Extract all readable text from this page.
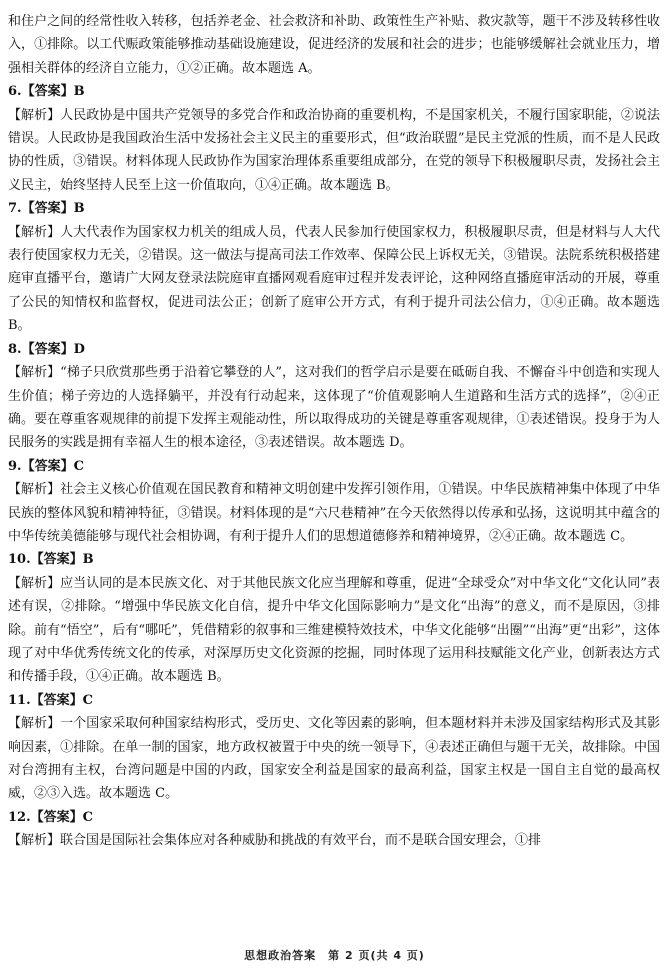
和住户之间的经常性收入转移，包括养老金、社会救济和补助、政策性生产补贴、救灾款等，题干不涉及转移性收入，①排除。以工代赈政策能够推动基础设施建设，促进经济的发展和社会的进步；也能够缓解社会就业压力，增强相关群体的经济自立能力，①②正确。故本题选 A。

6.【答案】B

【解析】人民政协是中国共产党领导的多党合作和政治协商的重要机构，不是国家机关，不履行国家职能，②说法错误。人民政协是我国政治生活中发扬社会主义民主的重要形式，但“政治联盟”是民主党派的性质，而不是人民政协的性质，③错误。材料体现人民政协作为国家治理体系重要组成部分，在党的领导下积极履职尽责，发扬社会主义民主，始终坚持人民至上这一价值取向，①④正确。故本题选 B。

7.【答案】B

【解析】人大代表作为国家权力机关的组成人员，代表人民参加行使国家权力，积极履职尽责，但是材料与人大代表行使国家权力无关，②错误。这一做法与提高司法工作效率、保障公民上诉权无关，③错误。法院系统积极搭建庭审直播平台，邀请广大网友登录法院庭审直播网观看庭审过程并发表评论，这种网络直播庭审活动的开展，尊重了公民的知情权和监督权，促进司法公正；创新了庭审公开方式，有利于提升司法公信力，①④正确。故本题选 B。

8.【答案】D

【解析】“梯子只欣赏那些勇于沿着它攀登的人”，这对我们的哲学启示是要在砥砺自我、不懈奋斗中创造和实现人生价值；梯子旁边的人选择躺平，并没有行动起来，这体现了“价值观影响人生道路和生活方式的选择”，②④正确。要在尊重客观规律的前提下发挥主观能动性，所以取得成功的关键是尊重客观规律，①表述错误。投身于为人民服务的实践是拥有幸福人生的根本途径，③表述错误。故本题选 D。

9.【答案】C

【解析】社会主义核心价值观在国民教育和精神文明创建中发挥引领作用，①错误。中华民族精神集中体现了中华民族的整体风貌和精神特征，③错误。材料体现的是“六尺巷精神”在今天依然得以传承和弘扬，这说明其中蕴含的中华传统美德能够与现代社会相协调，有利于提升人们的思想道德修养和精神境界，②④正确。故本题选 C。

10.【答案】B

【解析】应当认同的是本民族文化、对于其他民族文化应当理解和尊重，促进“全球受众”对中华文化“文化认同”表述有误，②排除。“增强中华民族文化自信，提升中华文化国际影响力”是文化“出海”的意义，而不是原因，③排除。前有“悟空”，后有“哪吒”，凭借精彩的叙事和三维建模特效技术，中华文化能够“出圈”“出海”更“出彩”，这体现了对中华优秀传统文化的传承，对深厚历史文化资源的挖掘，同时体现了运用科技赋能文化产业，创新表达方式和传播手段，①④正确。故本题选 B。

11.【答案】C

【解析】一个国家采取何种国家结构形式，受历史、文化等因素的影响，但本题材料并未涉及国家结构形式及其影响因素，①排除。在单一制的国家，地方政权被置于中央的统一领导下，④表述正确但与题干无关，故排除。中国对台湾拥有主权，台湾问题是中国的内政，国家安全利益是国家的最高利益，国家主权是一国自主自觉的最高权威，②③入选。故本题选 C。

12.【答案】C

【解析】联合国是国际社会集体应对各种威胁和挑战的有效平台，而不是联合国安理会，①排

思想政治答案　第 2 页(共 4 页)
